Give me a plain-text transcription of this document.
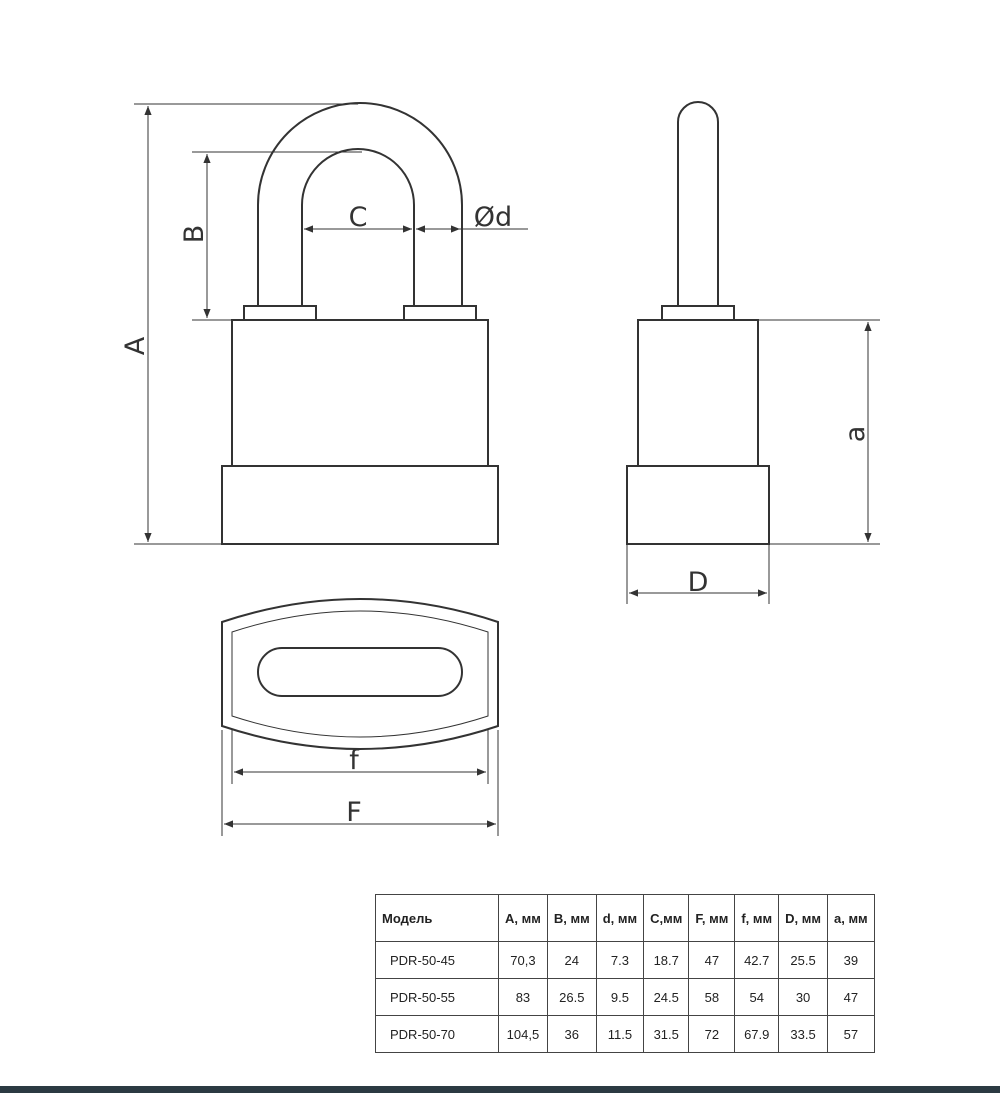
A
B
C	Ød
a
D
f
F
Модель	A, мм	B, мм	d, мм	C,мм	F, мм	f, мм	D, мм	a, мм
PDR-50-45	70,3	24	7.3	18.7	47	42.7	25.5	39
PDR-50-55	83	26.5	9.5	24.5	58	54	30	47
PDR-50-70	104,5	36	11.5	31.5	72	67.9	33.5	57
